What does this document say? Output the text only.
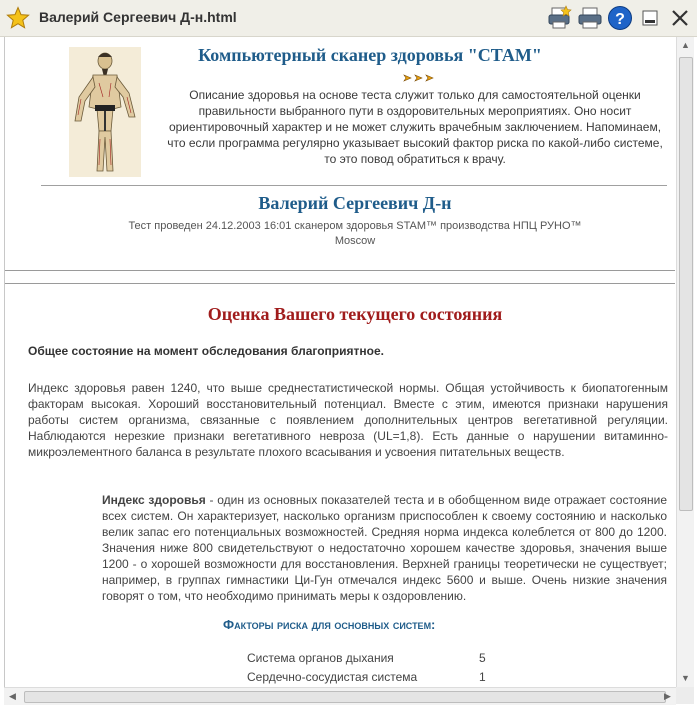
Валерий Сергеевич Д-н.html	?
Компьютерный сканер здоровья "СТАМ"
Описание здоровья на основе теста служит только для самостоятельной оценки правильности выбранного пути в оздоровительных мероприятиях. Оно носит ориентировочный характер и не может служить врачебным заключением. Напоминаем, что если программа регулярно указывает высокий фактор риска по какой-либо системе, то это повод обратиться к врачу.
Валерий Сергеевич Д-н
Тест проведен 24.12.2003 16:01 сканером здоровья STAM™ производства НПЦ РУНО™
Moscow
Оценка Вашего текущего состояния
Общее состояние на момент обследования благоприятное.
Индекс здоровья равен 1240, что выше среднестатистической нормы. Общая устойчивость к биопатогенным факторам высокая. Хороший восстановительный потенциал. Вместе с этим, имеются признаки нарушения работы систем организма, связанные с появлением дополнительных центров вегетативной регуляции. Наблюдаются нерезкие признаки вегетативного невроза (UL=1,8). Есть данные о нарушении витаминно-микроэлементного баланса в результате плохого всасывания и усвоения питательных веществ.
Индекс здоровья - один из основных показателей теста и в обобщенном виде отражает состояние всех систем. Он характеризует, насколько организм приспособлен к своему состоянию и насколько велик запас его потенциальных возможностей. Средняя норма индекса колеблется от 800 до 1200. Значения ниже 800 свидетельствуют о недостаточно хорошем качестве здоровья, значения выше 1200 - о хорошей возможности для восстановления. Верхней границы теоретически не существует; например, в группах гимнастики Ци-Гун отмечался индекс 5600 и выше. Очень низкие значения говорят о том, что необходимо принимать меры к оздоровлению.
Факторы риска для основных систем:
Система органов дыхания	5
Сердечно-сосудистая система	1
▲
▼
◀	▶
